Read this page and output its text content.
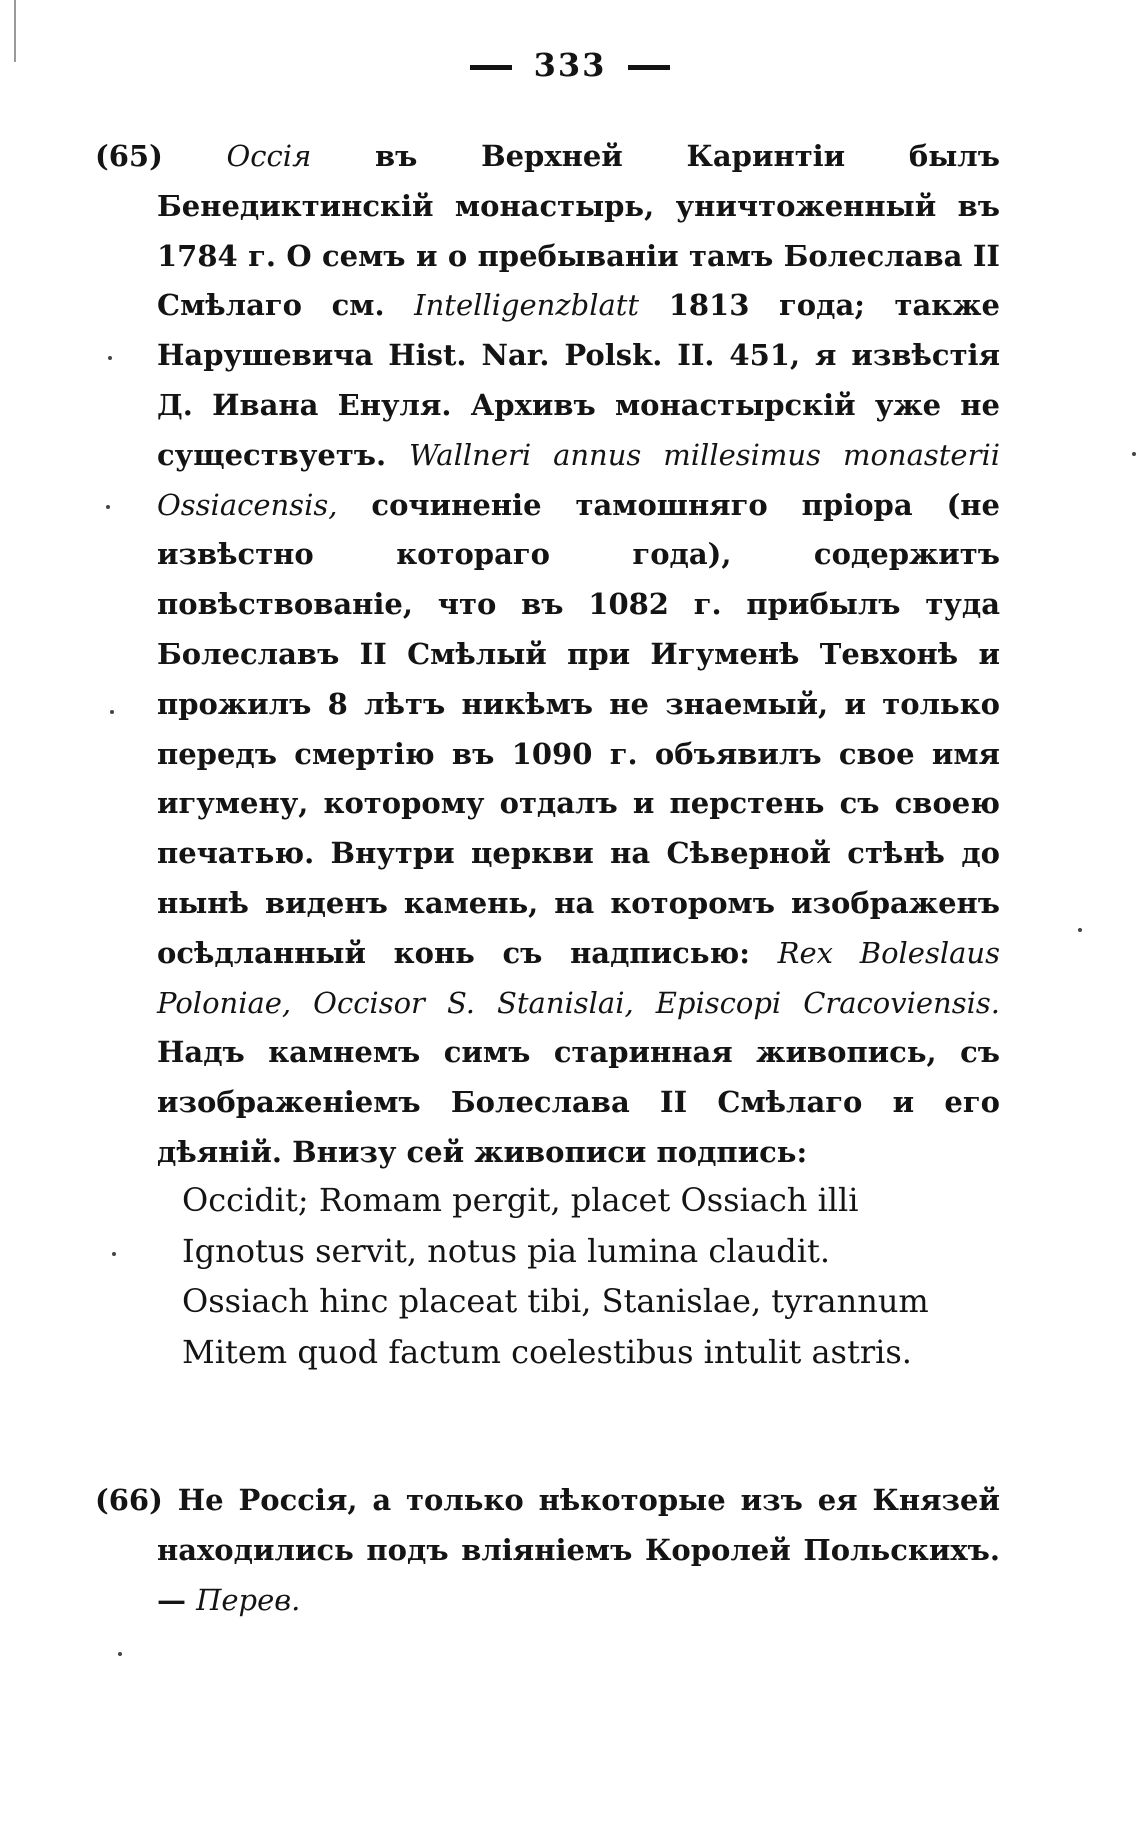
333

(65) Оссія въ Верхней Каринтіи былъ Бенедиктинскій монастырь, уничтоженный въ 1784 г. О семъ и о пребываніи тамъ Болеслава II Смѣлаго см. Intelligenzblatt 1813 года; также Нарушевича Hist. Nar. Polsk. II. 451, я извѣстія Д. Ивана Енуля. Архивъ монастырскій уже не существуетъ. Wallneri annus millesimus monasterii Ossiacensis, сочиненіе тамошняго пріора (не извѣстно котораго года), содержитъ повѣствованіе, что въ 1082 г. прибылъ туда Болеславъ II Смѣлый при Игуменѣ Тевхонѣ и прожилъ 8 лѣтъ никѣмъ не знаемый, и только передъ смертію въ 1090 г. объявилъ свое имя игумену, которому отдалъ и перстень съ своею печатью. Внутри церкви на Сѣверной стѣнѣ до нынѣ виденъ камень, на которомъ изображенъ осѣдланный конь съ надписью: Rex Boleslaus Poloniae, Occisor S. Stanislai, Episcopi Cracoviensis. Надъ камнемъ симъ старинная живопись, съ изображеніемъ Болеслава II Смѣлаго и его дѣяній. Внизу сей живописи подпись:

Occidit; Romam pergit, placet Ossiach illi
Ignotus servit, notus pia lumina claudit.
Ossiach hinc placeat tibi, Stanislae, tyrannum
Mitem quod factum coelestibus intulit astris.

(66) Не Россія, а только нѣкоторые изъ ея Князей находились подъ вліяніемъ Королей Польскихъ.— Перев.
